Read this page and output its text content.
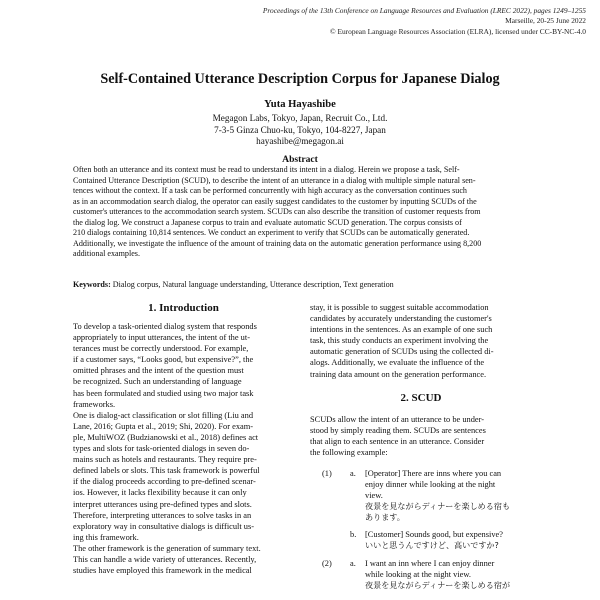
Proceedings of the 13th Conference on Language Resources and Evaluation (LREC 2022), pages 1249–1255
Marseille, 20-25 June 2022
© European Language Resources Association (ELRA), licensed under CC-BY-NC-4.0
Self-Contained Utterance Description Corpus for Japanese Dialog
Yuta Hayashibe
Megagon Labs, Tokyo, Japan, Recruit Co., Ltd.
7-3-5 Ginza Chuo-ku, Tokyo, 104-8227, Japan
hayashibe@megagon.ai
Abstract
Often both an utterance and its context must be read to understand its intent in a dialog. Herein we propose a task, Self-
Contained Utterance Description (SCUD), to describe the intent of an utterance in a dialog with multiple simple natural sen-
tences without the context. If a task can be performed concurrently with high accuracy as the conversation continues such
as in an accommodation search dialog, the operator can easily suggest candidates to the customer by inputting SCUDs of the
customer's utterances to the accommodation search system. SCUDs can also describe the transition of customer requests from
the dialog log. We construct a Japanese corpus to train and evaluate automatic SCUD generation. The corpus consists of
210 dialogs containing 10,814 sentences. We conduct an experiment to verify that SCUDs can be automatically generated.
Additionally, we investigate the influence of the amount of training data on the automatic generation performance using 8,200
additional examples.
Keywords: Dialog corpus, Natural language understanding, Utterance description, Text generation
1. Introduction
To develop a task-oriented dialog system that responds
appropriately to input utterances, the intent of the ut-
terances must be correctly understood. For example,
if a customer says, “Looks good, but expensive?”, the
omitted phrases and the intent of the question must
be recognized. Such an understanding of language
has been formulated and studied using two major task
frameworks.
One is dialog-act classification or slot filling (Liu and
Lane, 2016; Gupta et al., 2019; Shi, 2020). For exam-
ple, MultiWOZ (Budzianowski et al., 2018) defines act
types and slots for task-oriented dialogs in seven do-
mains such as hotels and restaurants. They require pre-
defined labels or slots. This task framework is powerful
if the dialog proceeds according to pre-defined scenar-
ios. However, it lacks flexibility because it can only
interpret utterances using pre-defined types and slots.
Therefore, interpreting utterances to solve tasks in an
exploratory way in consultative dialogs is difficult us-
ing this framework.
The other framework is the generation of summary text.
This can handle a wide variety of utterances. Recently,
studies have employed this framework in the medical
stay, it is possible to suggest suitable accommodation
candidates by accurately understanding the customer's
intentions in the sentences. As an example of one such
task, this study conducts an experiment involving the
automatic generation of SCUDs using the collected di-
alogs. Additionally, we evaluate the influence of the
training data amount on the generation performance.
2. SCUD
SCUDs allow the intent of an utterance to be under-
stood by simply reading them. SCUDs are sentences
that align to each sentence in an utterance. Consider
the following example:
(1) a. [Operator] There are inns where you can
enjoy dinner while looking at the night
view.
夜景を見ながらディナーを楽しめる宿も
あります。
b. [Customer] Sounds good, but expensive?
いいと思うんですけど、高いですか?
(2) a. I want an inn where I can enjoy dinner
while looking at the night view.
夜景を見ながらディナーを楽しめる宿が
